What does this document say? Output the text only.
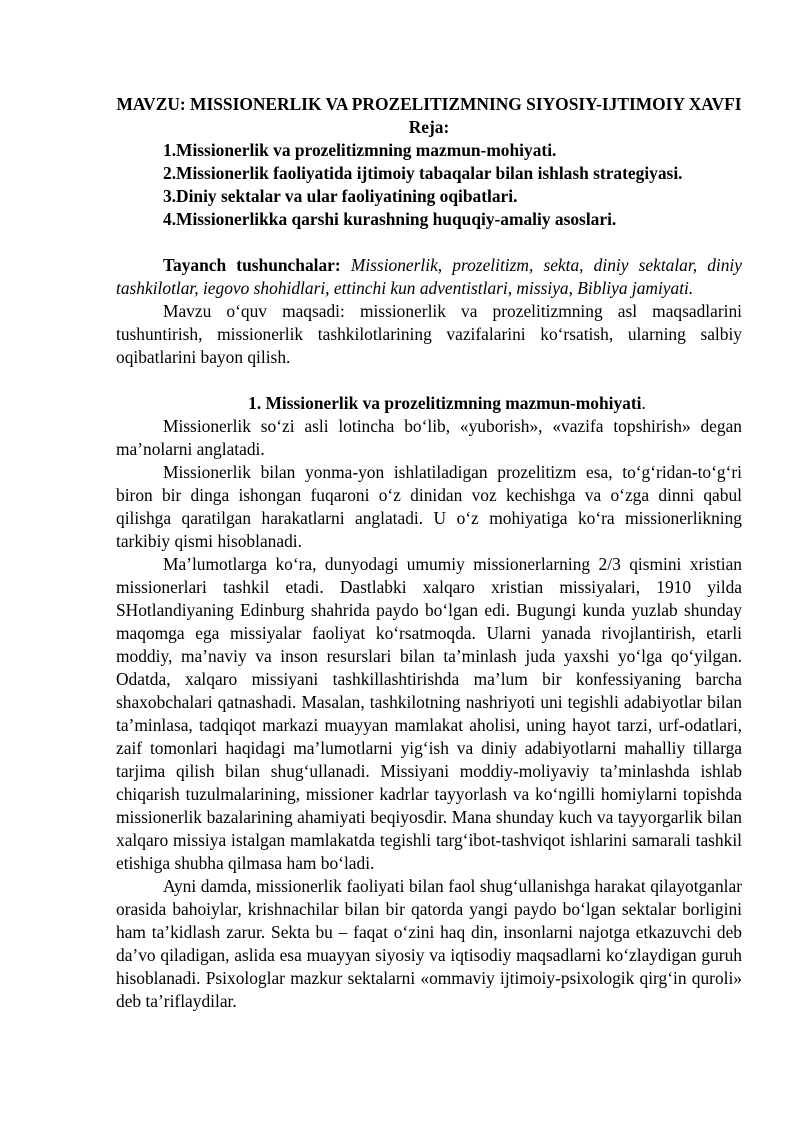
MAVZU: MISSIONERLIK VA PROZELITIZMNING SIYOSIY-IJTIMOIY XAVFI
Reja:
1.Missionerlik va prozelitizmning mazmun-mohiyati.
2.Missionerlik faoliyatida ijtimoiy tabaqalar bilan ishlash strategiyasi.
3.Diniy sektalar va ular faoliyatining oqibatlari.
4.Missionerlikka qarshi kurashning huquqiy-amaliy asoslari.

Tayanch tushunchalar: Missionerlik, prozelitizm, sekta, diniy sektalar, diniy tashkilotlar, iegovo shohidlari, ettinchi kun adventistlari, missiya, Bibliya jamiyati.

Mavzu o‘quv maqsadi: missionerlik va prozelitizmning asl maqsadlarini tushuntirish, missionerlik tashkilotlarining vazifalarini ko‘rsatish, ularning salbiy oqibatlarini bayon qilish.

1. Missionerlik va prozelitizmning mazmun-mohiyati.

Missionerlik so‘zi asli lotincha bo‘lib, «yuborish», «vazifa topshirish» degan ma’nolarni anglatadi.

Missionerlik bilan yonma-yon ishlatiladigan prozelitizm esa, to‘g‘ridan-to‘g‘ri biron bir dinga ishongan fuqaroni o‘z dinidan voz kechishga va o‘zga dinni qabul qilishga qaratilgan harakatlarni anglatadi. U o‘z mohiyatiga ko‘ra missionerlikning tarkibiy qismi hisoblanadi.

Ma’lumotlarga ko‘ra, dunyodagi umumiy missionerlarning 2/3 qismini xristian missionerlari tashkil etadi. Dastlabki xalqaro xristian missiyalari, 1910 yilda SHotlandiyaning Edinburg shahrida paydo bo‘lgan edi. Bugungi kunda yuzlab shunday maqomga ega missiyalar faoliyat ko‘rsatmoqda. Ularni yanada rivojlantirish, etarli moddiy, ma’naviy va inson resurslari bilan ta’minlash juda yaxshi yo‘lga qo‘yilgan. Odatda, xalqaro missiyani tashkillashtirishda ma’lum bir konfessiyaning barcha shaxobchalari qatnashadi. Masalan, tashkilotning nashriyoti uni tegishli adabiyotlar bilan ta’minlasa, tadqiqot markazi muayyan mamlakat aholisi, uning hayot tarzi, urf-odatlari, zaif tomonlari haqidagi ma’lumotlarni yig‘ish va diniy adabiyotlarni mahalliy tillarga tarjima qilish bilan shug‘ullanadi. Missiyani moddiy-moliyaviy ta’minlashda ishlab chiqarish tuzulmalarining, missioner kadrlar tayyorlash va ko‘ngilli homiylarni topishda missionerlik bazalarining ahamiyati beqiyosdir. Mana shunday kuch va tayyorgarlik bilan xalqaro missiya istalgan mamlakatda tegishli targ‘ibot-tashviqot ishlarini samarali tashkil etishiga shubha qilmasa ham bo‘ladi.

Ayni damda, missionerlik faoliyati bilan faol shug‘ullanishga harakat qilayotganlar orasida bahoiylar, krishnachilar bilan bir qatorda yangi paydo bo‘lgan sektalar borligini ham ta’kidlash zarur. Sekta bu – faqat o‘zini haq din, insonlarni najotga etkazuvchi deb da’vo qiladigan, aslida esa muayyan siyosiy va iqtisodiy maqsadlarni ko‘zlaydigan guruh hisoblanadi. Psixologlar mazkur sektalarni «ommaviy ijtimoiy-psixologik qirg‘in quroli» deb ta’riflaydilar.
